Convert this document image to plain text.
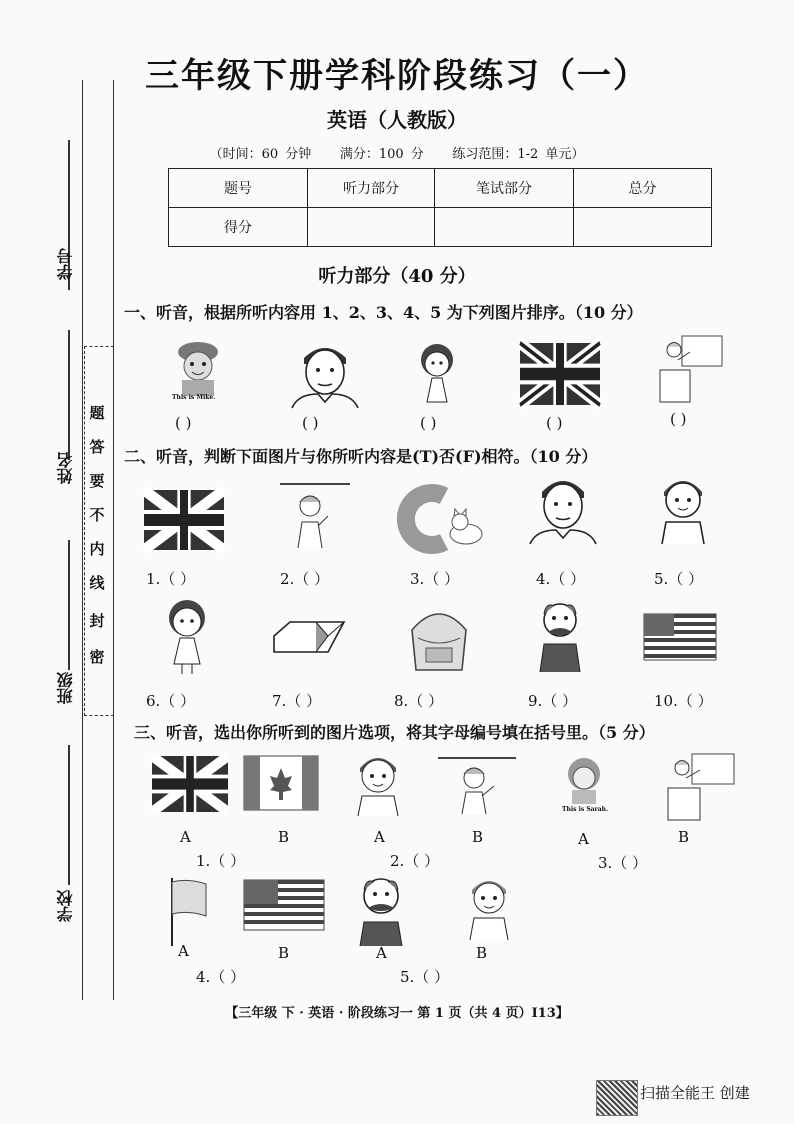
题
答
要
不
内
线
封
密
学号
姓名
班级
学校
三年级下册学科阶段练习（一）
英语（人教版）
（时间：60 分钟 满分：100 分 练习范围：1-2 单元）
题号	听力部分	笔试部分	总分
得分			
听力部分（40 分）
一、听音，根据所听内容用 1、2、3、4、5 为下列图片排序。（10 分）
This is Mike.
( )	( )	( )	( )	( )
二、听音，判断下面图片与你所听内容是(T)否(F)相符。（10 分）
1.（ ）	2.（ ）	3.（ ）	4.（ ）	5.（ ）
6.（ ）	7.（ ）	8.（ ）	9.（ ）	10.（ ）
三、听音，选出你所听到的图片选项，将其字母编号填在括号里。（5 分）
This is Sarah.
A	B	A	B	A	B
1.（ ）	2.（ ）	3.（ ）
A	B	A	B
4.（ ）	5.（ ）
【三年级 下 · 英语 · 阶段练习一 第 1 页（共 4 页）I13】
扫描全能王 创建
